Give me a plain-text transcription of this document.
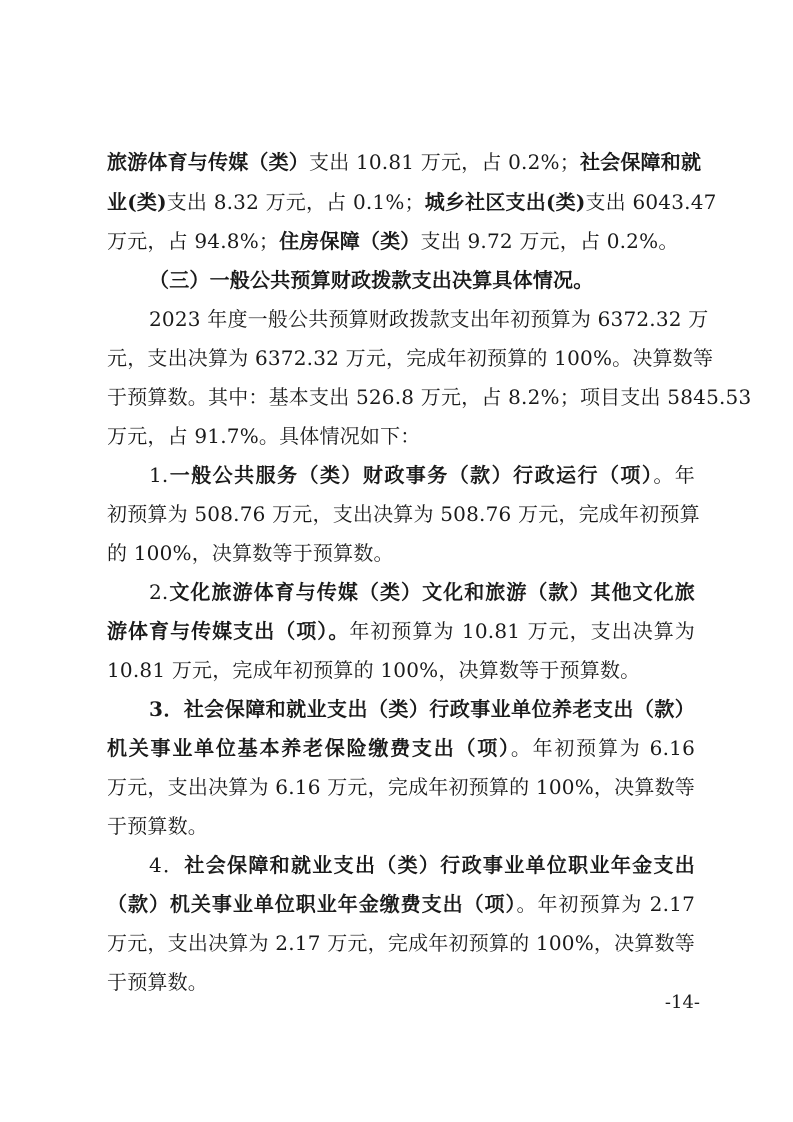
旅游体育与传媒（类）支出 10.81 万元，占 0.2%；社会保障和就
业(类)支出 8.32 万元，占 0.1%；城乡社区支出(类)支出 6043.47
万元，占 94.8%；住房保障（类）支出 9.72 万元，占 0.2%。
（三）一般公共预算财政拨款支出决算具体情况。
2023 年度一般公共预算财政拨款支出年初预算为 6372.32 万
元，支出决算为 6372.32 万元，完成年初预算的 100%。决算数等
于预算数。其中：基本支出 526.8 万元，占 8.2%；项目支出 5845.53
万元，占 91.7%。具体情况如下：
1.一般公共服务（类）财政事务（款）行政运行（项）。年
初预算为 508.76 万元，支出决算为 508.76 万元，完成年初预算
的 100%，决算数等于预算数。
2.文化旅游体育与传媒（类）文化和旅游（款）其他文化旅
游体育与传媒支出（项）。年初预算为 10.81 万元，支出决算为
10.81 万元，完成年初预算的 100%，决算数等于预算数。
3．社会保障和就业支出（类）行政事业单位养老支出（款）
机关事业单位基本养老保险缴费支出（项）。年初预算为 6.16
万元，支出决算为 6.16 万元，完成年初预算的 100%，决算数等
于预算数。
4．社会保障和就业支出（类）行政事业单位职业年金支出
（款）机关事业单位职业年金缴费支出（项）。年初预算为 2.17
万元，支出决算为 2.17 万元，完成年初预算的 100%，决算数等
于预算数。
-14-
